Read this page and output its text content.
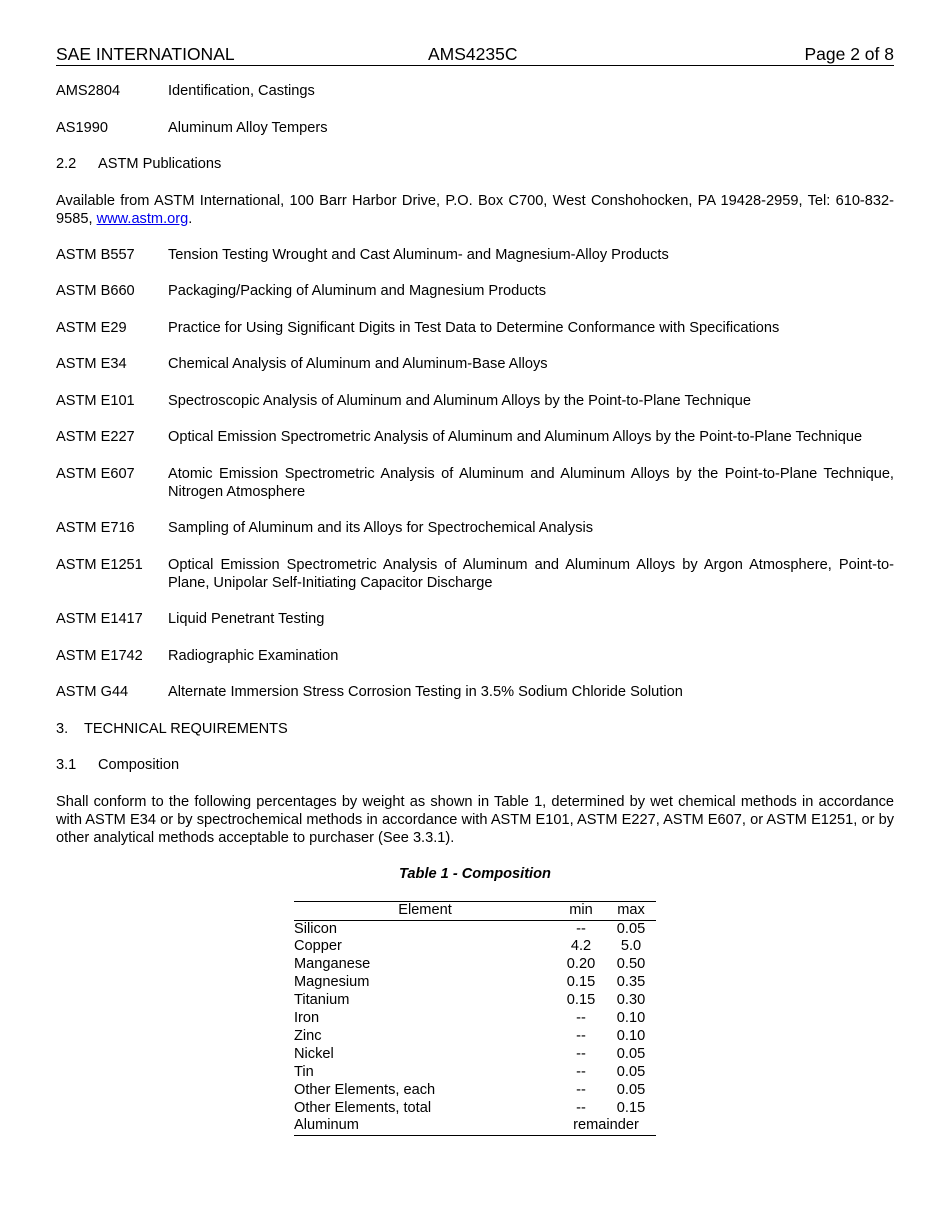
SAE INTERNATIONAL	AMS4235C	Page 2 of 8
AMS2804	Identification, Castings
AS1990	Aluminum Alloy Tempers
2.2 ASTM Publications
Available from ASTM International, 100 Barr Harbor Drive, P.O. Box C700, West Conshohocken, PA 19428-2959, Tel: 610-832-9585, www.astm.org.
ASTM B557	Tension Testing Wrought and Cast Aluminum- and Magnesium-Alloy Products
ASTM B660	Packaging/Packing of Aluminum and Magnesium Products
ASTM E29	Practice for Using Significant Digits in Test Data to Determine Conformance with Specifications
ASTM E34	Chemical Analysis of Aluminum and Aluminum-Base Alloys
ASTM E101	Spectroscopic Analysis of Aluminum and Aluminum Alloys by the Point-to-Plane Technique
ASTM E227	Optical Emission Spectrometric Analysis of Aluminum and Aluminum Alloys by the Point-to-Plane Technique
ASTM E607	Atomic Emission Spectrometric Analysis of Aluminum and Aluminum Alloys by the Point-to-Plane Technique, Nitrogen Atmosphere
ASTM E716	Sampling of Aluminum and its Alloys for Spectrochemical Analysis
ASTM E1251	Optical Emission Spectrometric Analysis of Aluminum and Aluminum Alloys by Argon Atmosphere, Point-to-Plane, Unipolar Self-Initiating Capacitor Discharge
ASTM E1417	Liquid Penetrant Testing
ASTM E1742	Radiographic Examination
ASTM G44	Alternate Immersion Stress Corrosion Testing in 3.5% Sodium Chloride Solution
3. TECHNICAL REQUIREMENTS
3.1 Composition
Shall conform to the following percentages by weight as shown in Table 1, determined by wet chemical methods in accordance with ASTM E34 or by spectrochemical methods in accordance with ASTM E101, ASTM E227, ASTM E607, or ASTM E1251, or by other analytical methods acceptable to purchaser (See 3.3.1).
Table 1 - Composition
Element	min	max
Silicon	--	0.05
Copper	4.2	5.0
Manganese	0.20	0.50
Magnesium	0.15	0.35
Titanium	0.15	0.30
Iron	--	0.10
Zinc	--	0.10
Nickel	--	0.05
Tin	--	0.05
Other Elements, each	--	0.05
Other Elements, total	--	0.15
Aluminum	remainder	
